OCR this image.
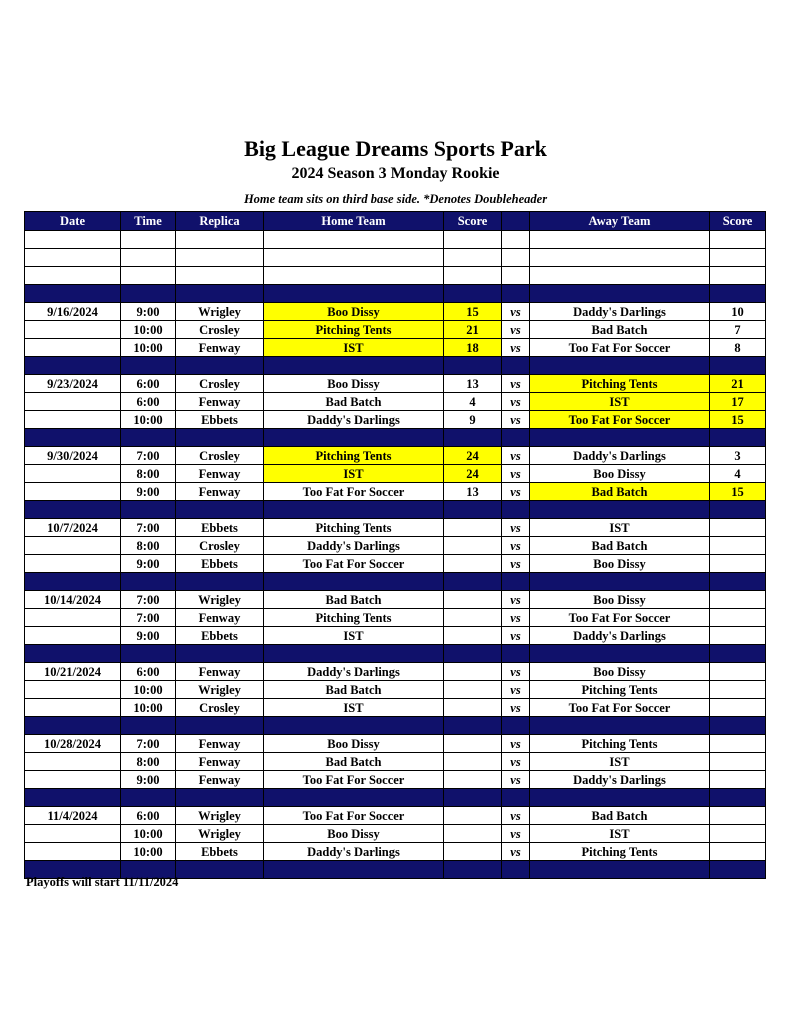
Big League Dreams Sports Park
2024 Season 3 Monday Rookie
Home team sits on third base side. *Denotes Doubleheader
Date	Time	Replica	Home Team	Score		Away Team	Score

9/16/2024	9:00	Wrigley	Boo Dissy	15	vs	Daddy's Darlings	10
	10:00	Crosley	Pitching Tents	21	vs	Bad Batch	7
	10:00	Fenway	IST	18	vs	Too Fat For Soccer	8

9/23/2024	6:00	Crosley	Boo Dissy	13	vs	Pitching Tents	21
	6:00	Fenway	Bad Batch	4	vs	IST	17
	10:00	Ebbets	Daddy's Darlings	9	vs	Too Fat For Soccer	15

9/30/2024	7:00	Crosley	Pitching Tents	24	vs	Daddy's Darlings	3
	8:00	Fenway	IST	24	vs	Boo Dissy	4
	9:00	Fenway	Too Fat For Soccer	13	vs	Bad Batch	15

10/7/2024	7:00	Ebbets	Pitching Tents		vs	IST	
	8:00	Crosley	Daddy's Darlings		vs	Bad Batch	
	9:00	Ebbets	Too Fat For Soccer		vs	Boo Dissy	

10/14/2024	7:00	Wrigley	Bad Batch		vs	Boo Dissy	
	7:00	Fenway	Pitching Tents		vs	Too Fat For Soccer	
	9:00	Ebbets	IST		vs	Daddy's Darlings	

10/21/2024	6:00	Fenway	Daddy's Darlings		vs	Boo Dissy	
	10:00	Wrigley	Bad Batch		vs	Pitching Tents	
	10:00	Crosley	IST		vs	Too Fat For Soccer	

10/28/2024	7:00	Fenway	Boo Dissy		vs	Pitching Tents	
	8:00	Fenway	Bad Batch		vs	IST	
	9:00	Fenway	Too Fat For Soccer		vs	Daddy's Darlings	

11/4/2024	6:00	Wrigley	Too Fat For Soccer		vs	Bad Batch	
	10:00	Wrigley	Boo Dissy		vs	IST	
	10:00	Ebbets	Daddy's Darlings		vs	Pitching Tents	

Playoffs will start 11/11/2024
